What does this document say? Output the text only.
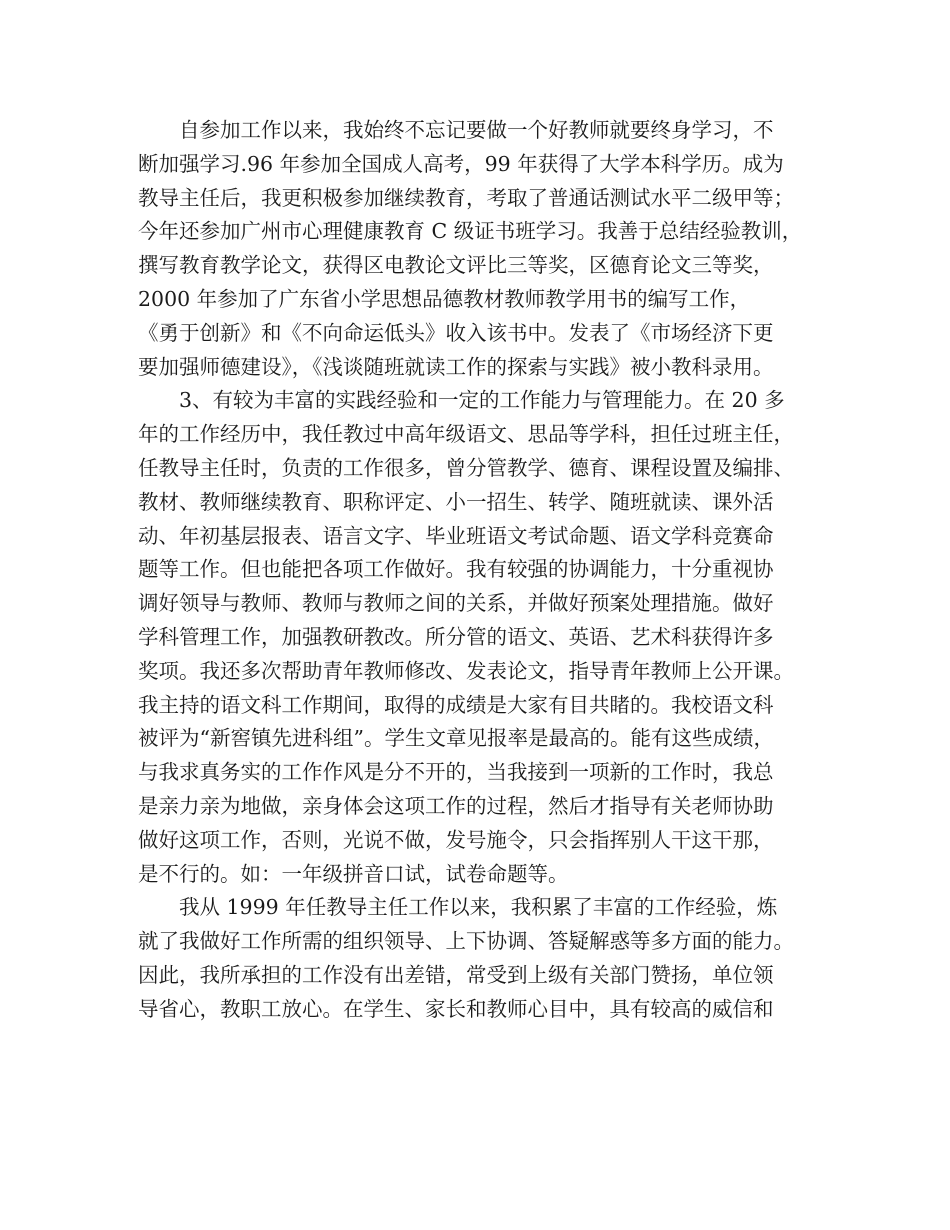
自参加工作以来，我始终不忘记要做一个好教师就要终身学习，不
断加强学习.96 年参加全国成人高考，99 年获得了大学本科学历。成为
教导主任后，我更积极参加继续教育，考取了普通话测试水平二级甲等；
今年还参加广州市心理健康教育 C 级证书班学习。我善于总结经验教训，
撰写教育教学论文，获得区电教论文评比三等奖，区德育论文三等奖，
2000 年参加了广东省小学思想品德教材教师教学用书的编写工作，
《勇于创新》和《不向命运低头》收入该书中。发表了《市场经济下更
要加强师德建设》，《浅谈随班就读工作的探索与实践》被小教科录用。
3、有较为丰富的实践经验和一定的工作能力与管理能力。在 20 多
年的工作经历中，我任教过中高年级语文、思品等学科，担任过班主任，
任教导主任时，负责的工作很多，曾分管教学、德育、课程设置及编排、
教材、教师继续教育、职称评定、小一招生、转学、随班就读、课外活
动、年初基层报表、语言文字、毕业班语文考试命题、语文学科竞赛命
题等工作。但也能把各项工作做好。我有较强的协调能力，十分重视协
调好领导与教师、教师与教师之间的关系，并做好预案处理措施。做好
学科管理工作，加强教研教改。所分管的语文、英语、艺术科获得许多
奖项。我还多次帮助青年教师修改、发表论文，指导青年教师上公开课。
我主持的语文科工作期间，取得的成绩是大家有目共睹的。我校语文科
被评为“新窖镇先进科组”。学生文章见报率是最高的。能有这些成绩，
与我求真务实的工作作风是分不开的，当我接到一项新的工作时，我总
是亲力亲为地做，亲身体会这项工作的过程，然后才指导有关老师协助
做好这项工作，否则，光说不做，发号施令，只会指挥别人干这干那，
是不行的。如：一年级拼音口试，试卷命题等。
我从 1999 年任教导主任工作以来，我积累了丰富的工作经验，炼
就了我做好工作所需的组织领导、上下协调、答疑解惑等多方面的能力。
因此，我所承担的工作没有出差错，常受到上级有关部门赞扬，单位领
导省心，教职工放心。在学生、家长和教师心目中，具有较高的威信和
